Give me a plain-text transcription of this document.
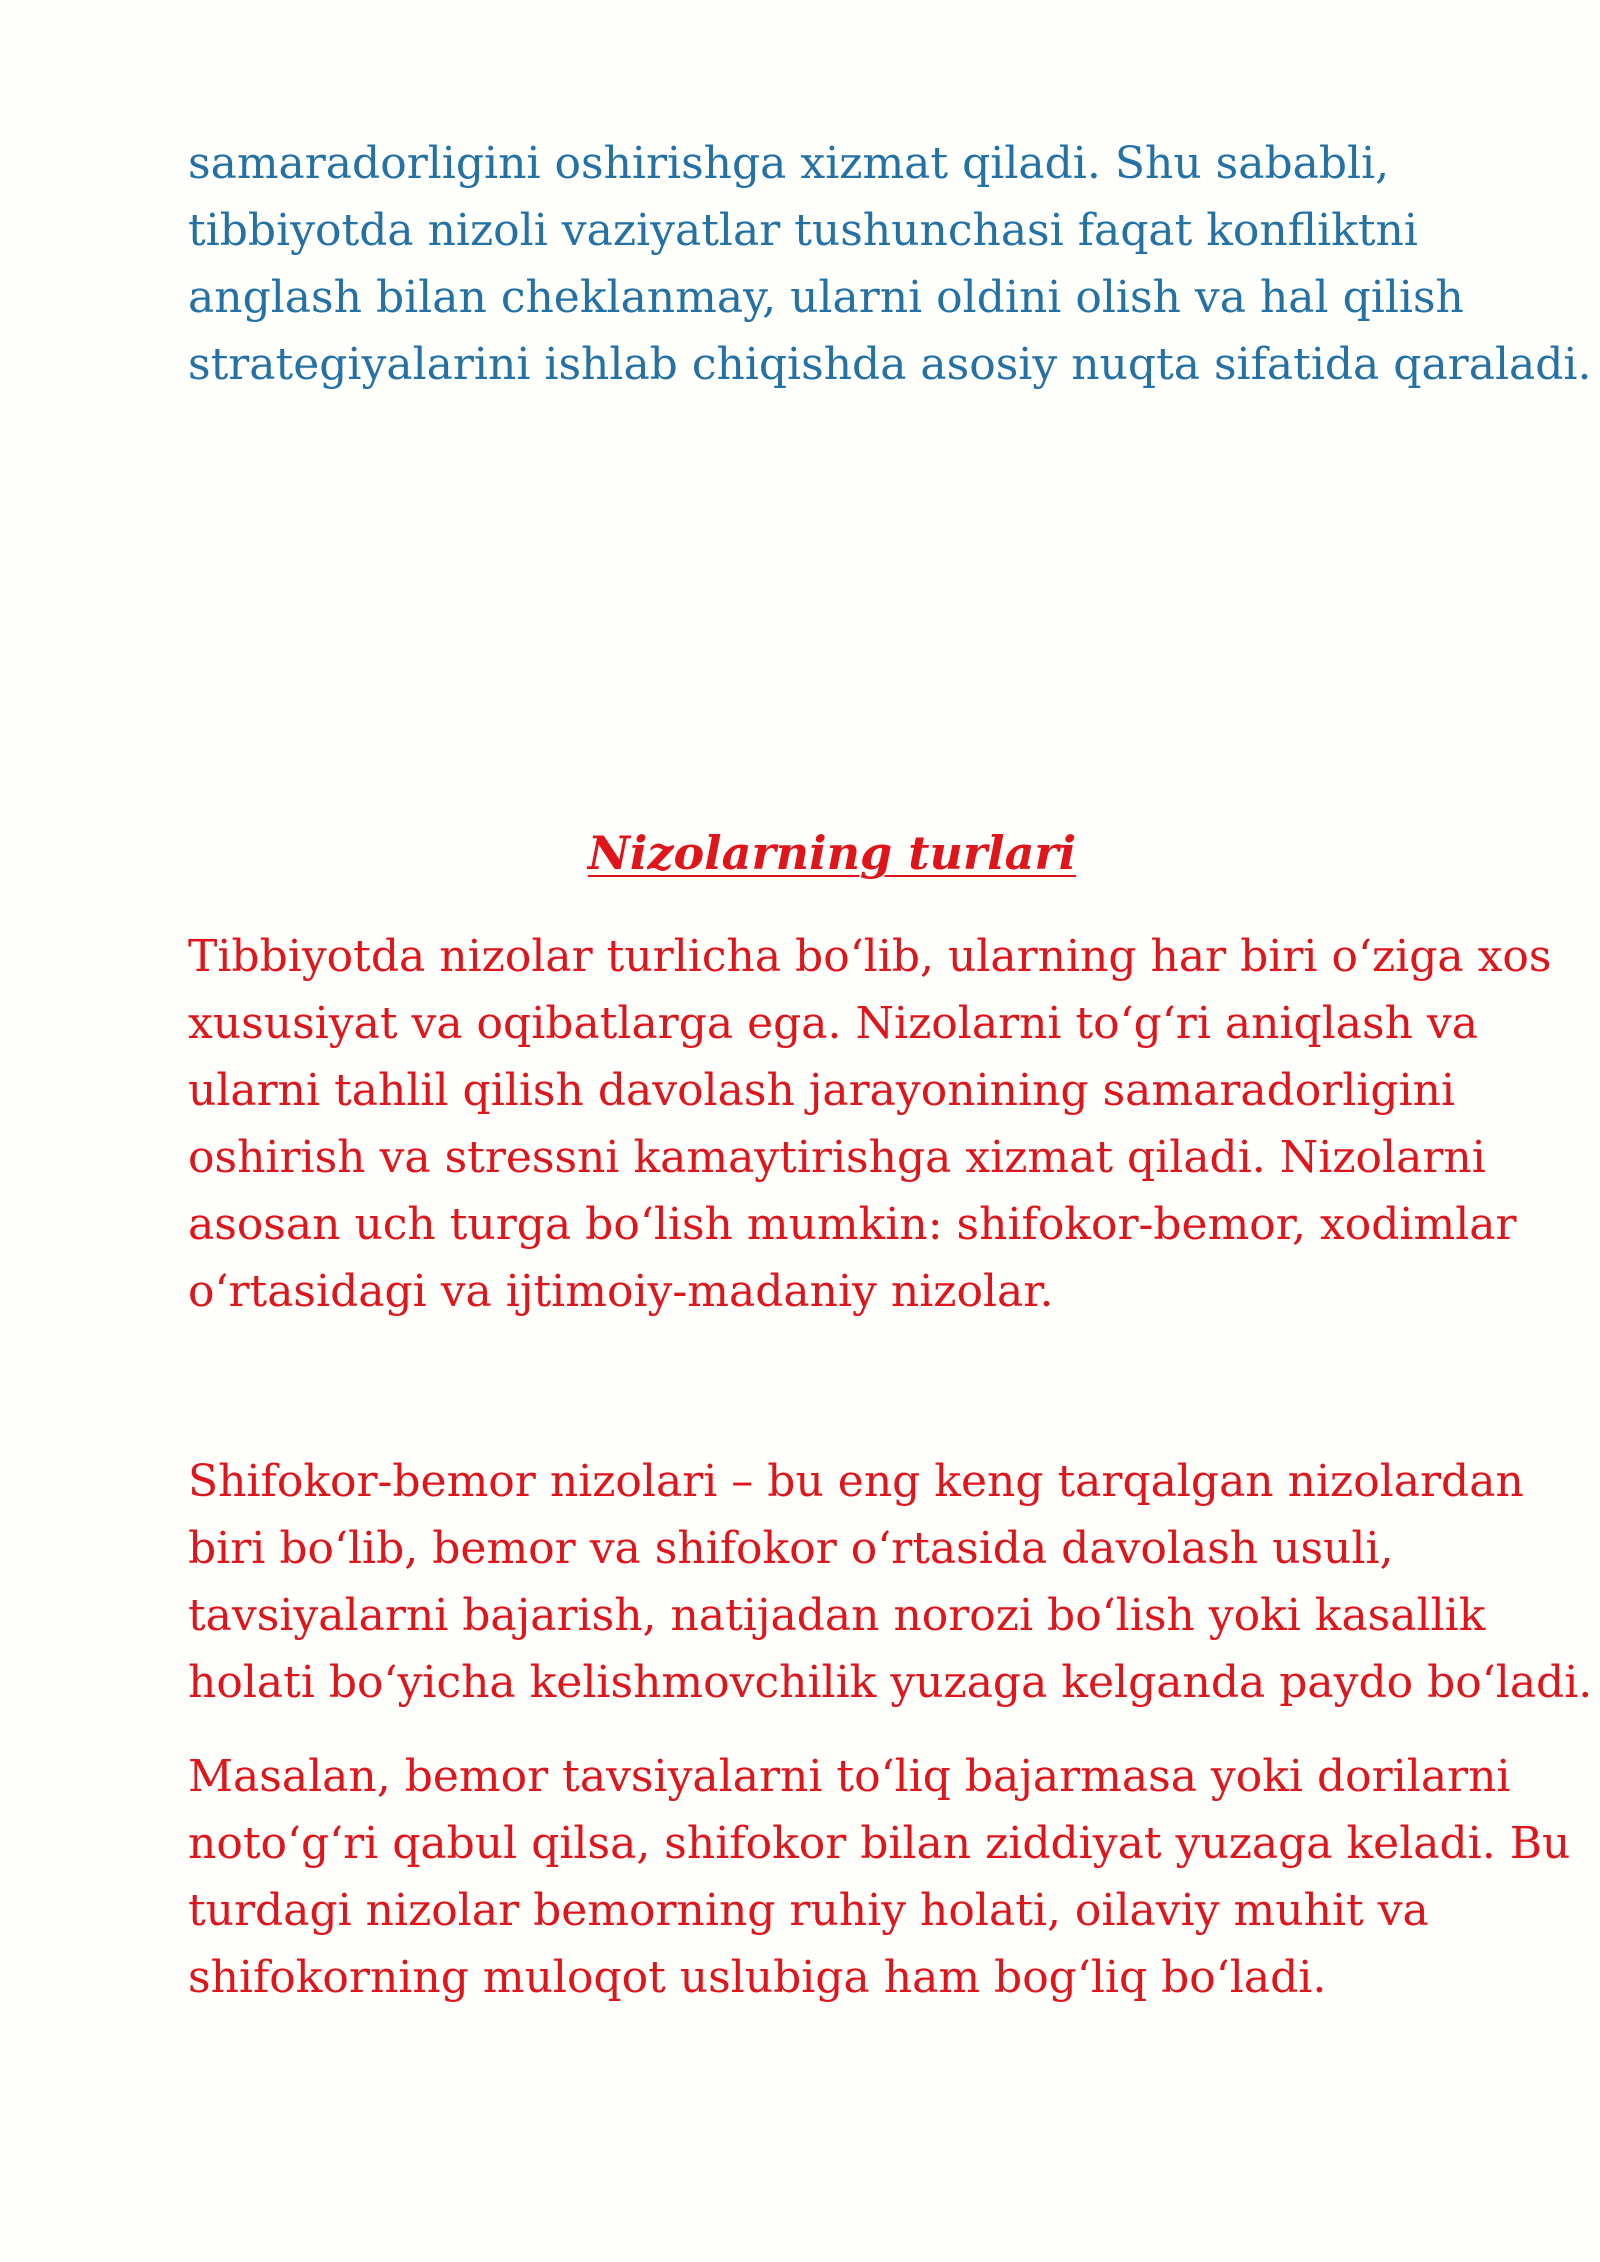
samaradorligini oshirishga xizmat qiladi. Shu sababli,
tibbiyotda nizoli vaziyatlar tushunchasi faqat konfliktni
anglash bilan cheklanmay, ularni oldini olish va hal qilish
strategiyalarini ishlab chiqishda asosiy nuqta sifatida qaraladi.

Nizolarning turlari

Tibbiyotda nizolar turlicha bo‘lib, ularning har biri o‘ziga xos
xususiyat va oqibatlarga ega. Nizolarni to‘g‘ri aniqlash va
ularni tahlil qilish davolash jarayonining samaradorligini
oshirish va stressni kamaytirishga xizmat qiladi. Nizolarni
asosan uch turga bo‘lish mumkin: shifokor-bemor, xodimlar
o‘rtasidagi va ijtimoiy-madaniy nizolar.

Shifokor-bemor nizolari – bu eng keng tarqalgan nizolardan
biri bo‘lib, bemor va shifokor o‘rtasida davolash usuli,
tavsiyalarni bajarish, natijadan norozi bo‘lish yoki kasallik
holati bo‘yicha kelishmovchilik yuzaga kelganda paydo bo‘ladi.

Masalan, bemor tavsiyalarni to‘liq bajarmasa yoki dorilarni
noto‘g‘ri qabul qilsa, shifokor bilan ziddiyat yuzaga keladi. Bu
turdagi nizolar bemorning ruhiy holati, oilaviy muhit va
shifokorning muloqot uslubiga ham bog‘liq bo‘ladi.
